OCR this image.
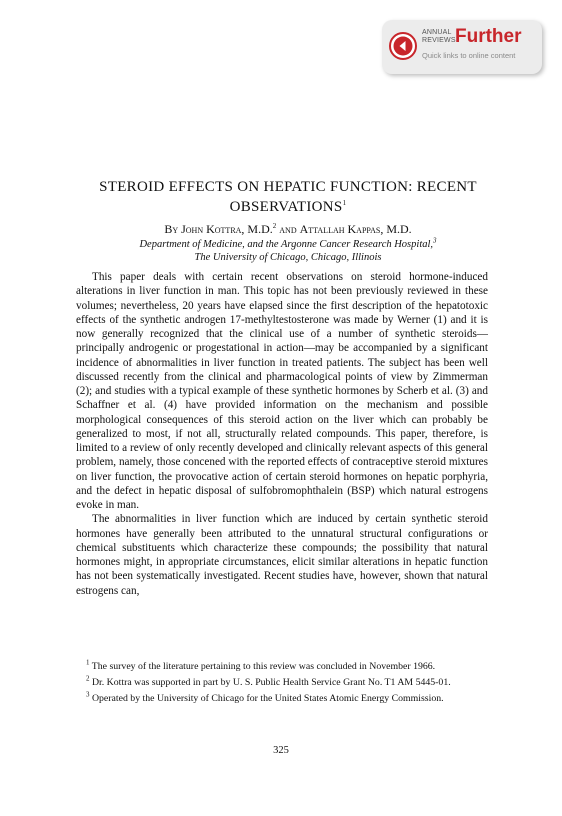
ANNUAL
REVIEWS Further
Quick links to online content
STEROID EFFECTS ON HEPATIC FUNCTION: RECENT
OBSERVATIONS$^1$
By John Kottra, M.D.$^2$ and Attallah Kappas, M.D.
Department of Medicine, and the Argonne Cancer Research Hospital,$^3$
The University of Chicago, Chicago, Illinois

This paper deals with certain recent observations on steroid hormone-induced alterations in liver function in man. This topic has not been previously reviewed in these volumes; nevertheless, 20 years have elapsed since the first description of the hepatotoxic effects of the synthetic androgen 17-methyltestosterone was made by Werner (1) and it is now generally recognized that the clinical use of a number of synthetic steroids—principally androgenic or progestational in action—may be accompanied by a significant incidence of abnormalities in liver function in treated patients. The subject has been well discussed recently from the clinical and pharmacological points of view by Zimmerman (2); and studies with a typical example of these synthetic hormones by Scherb et al. (3) and Schaffner et al. (4) have provided information on the mechanism and possible morphological consequences of this steroid action on the liver which can probably be generalized to most, if not all, structurally related compounds. This paper, therefore, is limited to a review of only recently developed and clinically relevant aspects of this general problem, namely, those concened with the reported effects of contraceptive steroid mixtures on liver function, the provocative action of certain steroid hormones on hepatic porphyria, and the defect in hepatic disposal of sulfobromophthalein (BSP) which natural estrogens evoke in man.

The abnormalities in liver function which are induced by certain synthetic steroid hormones have generally been attributed to the unnatural structural configurations or chemical substituents which characterize these compounds; the possibility that natural hormones might, in appropriate circumstances, elicit similar alterations in hepatic function has not been systematically investigated. Recent studies have, however, shown that natural estrogens can,

$^1$ The survey of the literature pertaining to this review was concluded in November 1966.

$^2$ Dr. Kottra was supported in part by U. S. Public Health Service Grant No. T1 AM 5445-01.

$^3$ Operated by the University of Chicago for the United States Atomic Energy Commission.

325
